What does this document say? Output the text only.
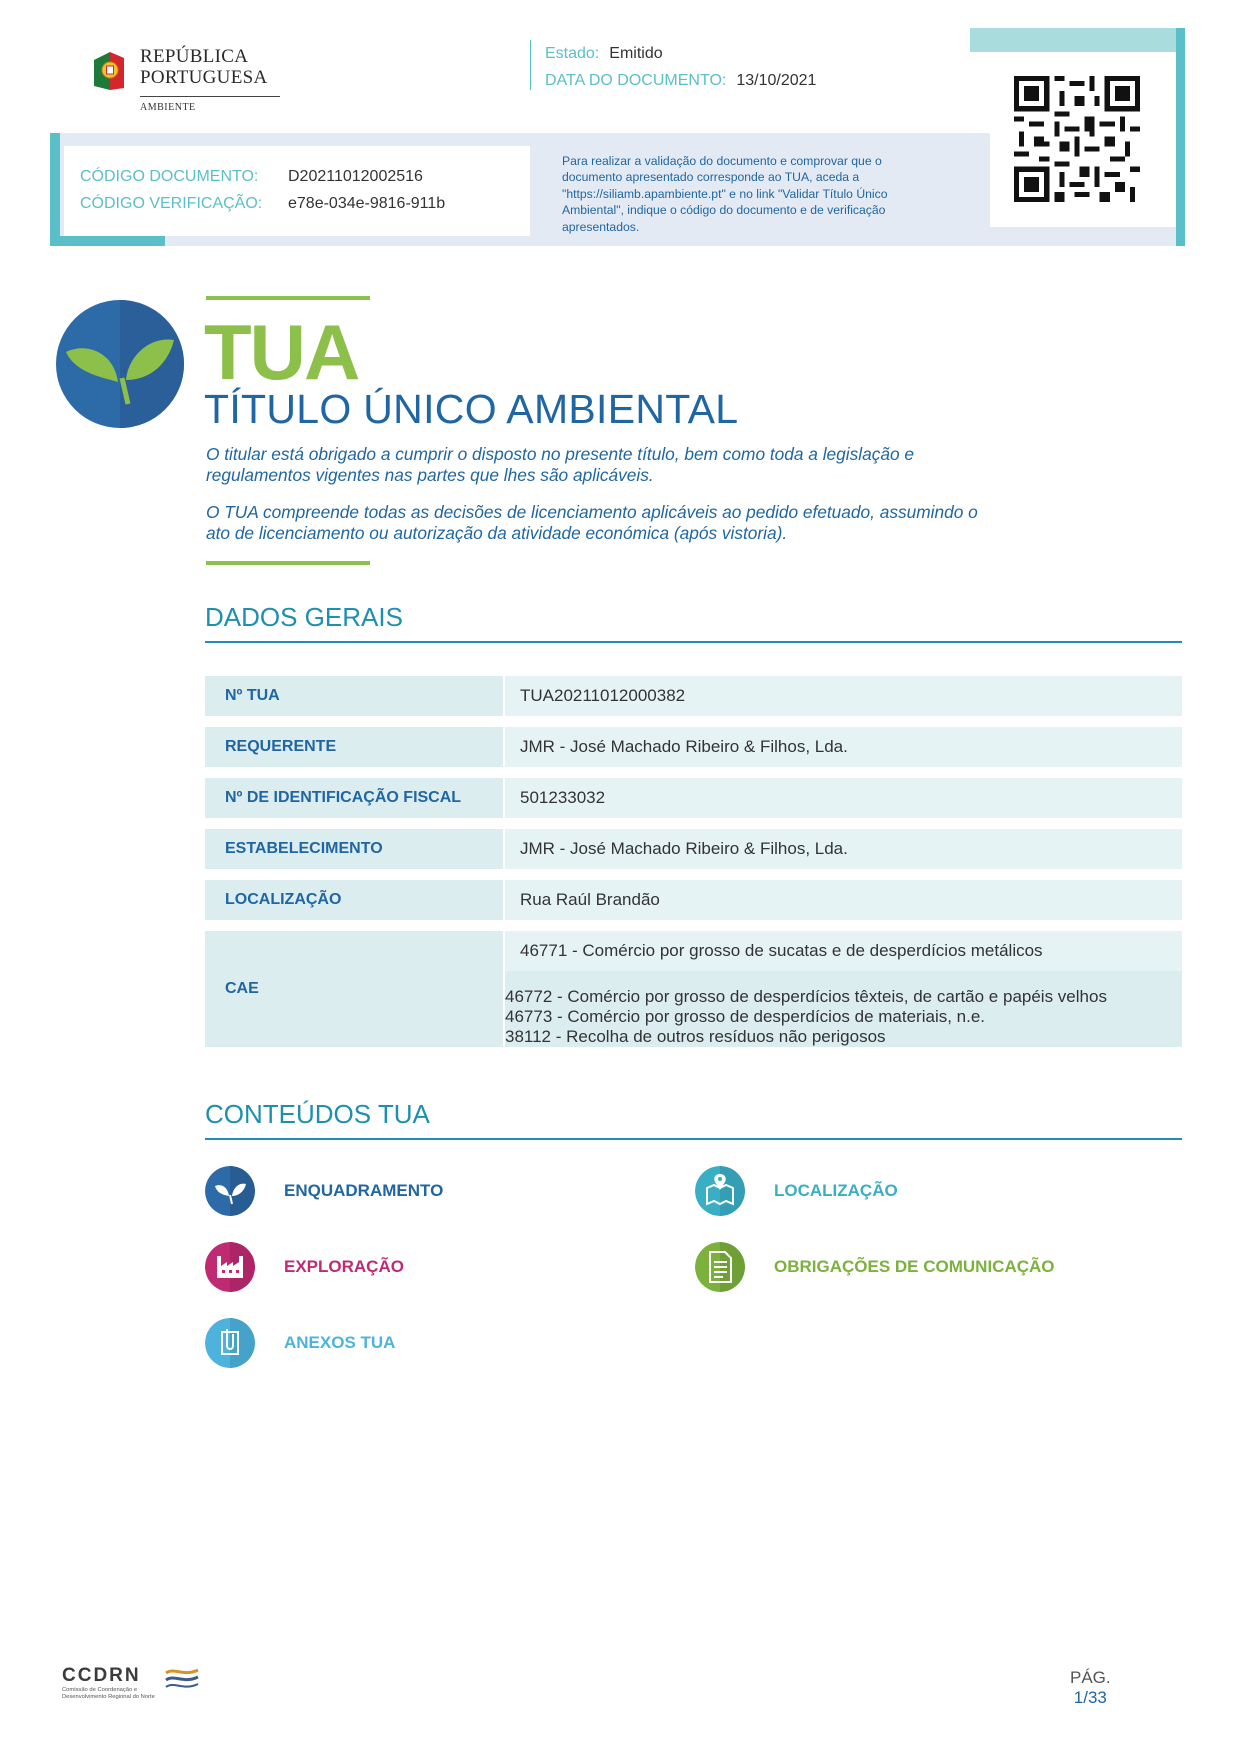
REPÚBLICA
PORTUGUESA
AMBIENTE
Estado: Emitido
DATA DO DOCUMENTO: 13/10/2021
CÓDIGO DOCUMENTO: D20211012002516
CÓDIGO VERIFICAÇÃO: e78e-034e-9816-911b
Para realizar a validação do documento e comprovar que o documento apresentado corresponde ao TUA, aceda a "https://siliamb.apambiente.pt" e no link "Validar Título Único Ambiental", indique o código do documento e de verificação apresentados.
TUA
TÍTULO ÚNICO AMBIENTAL

O titular está obrigado a cumprir o disposto no presente título, bem como toda a legislação e regulamentos vigentes nas partes que lhes são aplicáveis.

O TUA compreende todas as decisões de licenciamento aplicáveis ao pedido efetuado, assumindo o ato de licenciamento ou autorização da atividade económica (após vistoria).

DADOS GERAIS
Nº TUA	TUA20211012000382
REQUERENTE	JMR - José Machado Ribeiro & Filhos, Lda.
Nº DE IDENTIFICAÇÃO FISCAL	501233032
ESTABELECIMENTO	JMR - José Machado Ribeiro & Filhos, Lda.
LOCALIZAÇÃO	Rua Raúl Brandão
CAE
46771 - Comércio por grosso de sucatas e de desperdícios metálicos
46772 - Comércio por grosso de desperdícios têxteis, de cartão e papéis velhos
46773 - Comércio por grosso de desperdícios de materiais, n.e.
38112 - Recolha de outros resíduos não perigosos
CONTEÚDOS TUA
ENQUADRAMENTO	LOCALIZAÇÃO
EXPLORAÇÃO	OBRIGAÇÕES DE COMUNICAÇÃO
ANEXOS TUA
CCDRN
Comissão de Coordenação e
Desenvolvimento Regional do Norte
PÁG.
1/33
